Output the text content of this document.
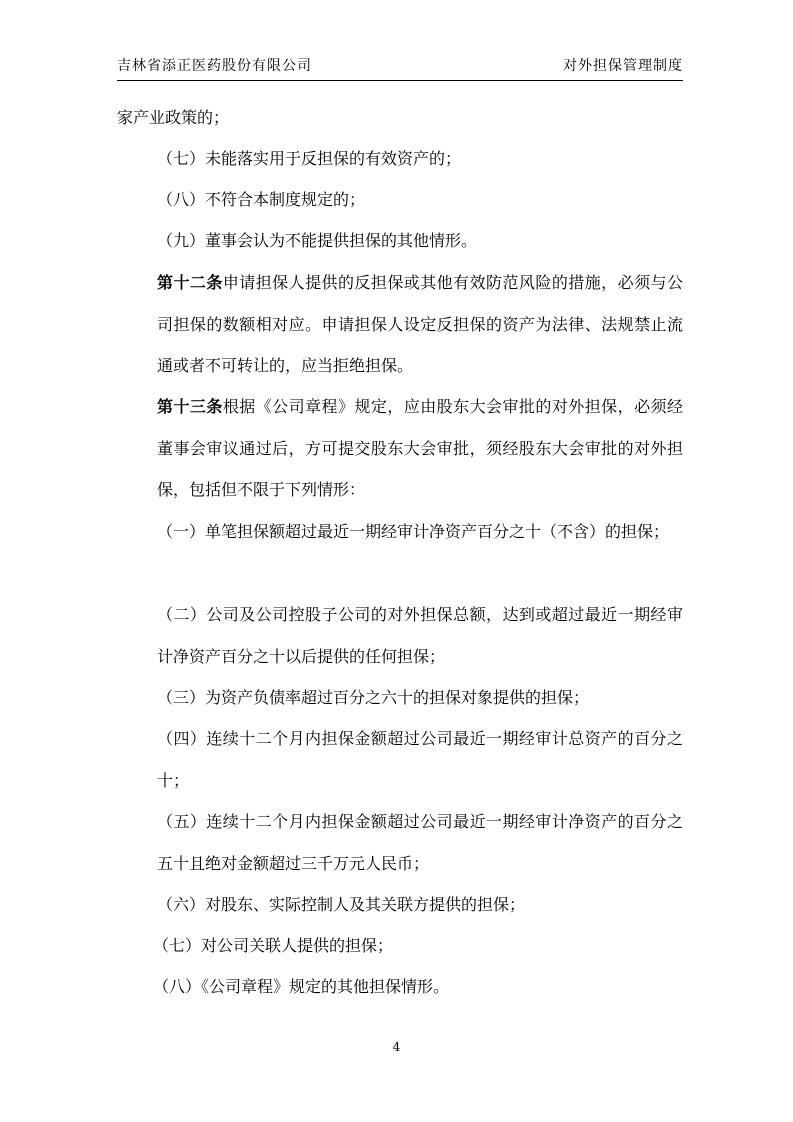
吉林省添正医药股份有限公司	对外担保管理制度

家产业政策的；

（七）未能落实用于反担保的有效资产的；

（八）不符合本制度规定的；

（九）董事会认为不能提供担保的其他情形。

第十二条申请担保人提供的反担保或其他有效防范风险的措施，必须与公司担保的数额相对应。申请担保人设定反担保的资产为法律、法规禁止流通或者不可转让的，应当拒绝担保。

第十三条根据《公司章程》规定，应由股东大会审批的对外担保，必须经董事会审议通过后，方可提交股东大会审批，须经股东大会审批的对外担保，包括但不限于下列情形：

（一）单笔担保额超过最近一期经审计净资产百分之十（不含）的担保；

（二）公司及公司控股子公司的对外担保总额，达到或超过最近一期经审计净资产百分之十以后提供的任何担保；

（三）为资产负债率超过百分之六十的担保对象提供的担保；

（四）连续十二个月内担保金额超过公司最近一期经审计总资产的百分之十；

（五）连续十二个月内担保金额超过公司最近一期经审计净资产的百分之五十且绝对金额超过三千万元人民币；

（六）对股东、实际控制人及其关联方提供的担保；

（七）对公司关联人提供的担保；

（八）《公司章程》规定的其他担保情形。

4
